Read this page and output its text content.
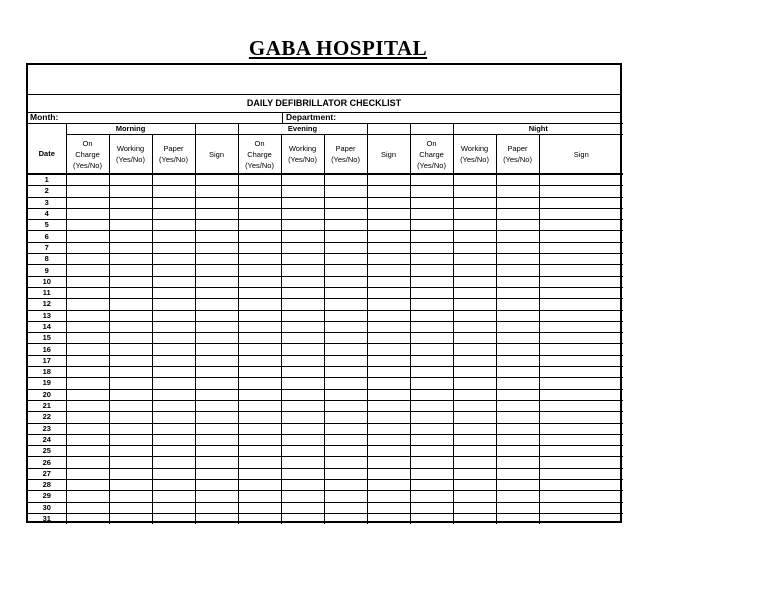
GABA HOSPITAL
DAILY DEFIBRILLATOR CHECKLIST
Month:	Department:
	Morning				Evening					Night		
Date	On
Charge
(Yes/No)	Working
(Yes/No)	Paper
(Yes/No)	Sign	On
Charge
(Yes/No)	Working
(Yes/No)	Paper
(Yes/No)	Sign	On
Charge
(Yes/No)	Working
(Yes/No)	Paper
(Yes/No)	Sign
1												
2												
3												
4												
5												
6												
7												
8												
9												
10												
11												
12												
13												
14												
15												
16												
17												
18												
19												
20												
21												
22												
23												
24												
25												
26												
27												
28												
29												
30												
31												
